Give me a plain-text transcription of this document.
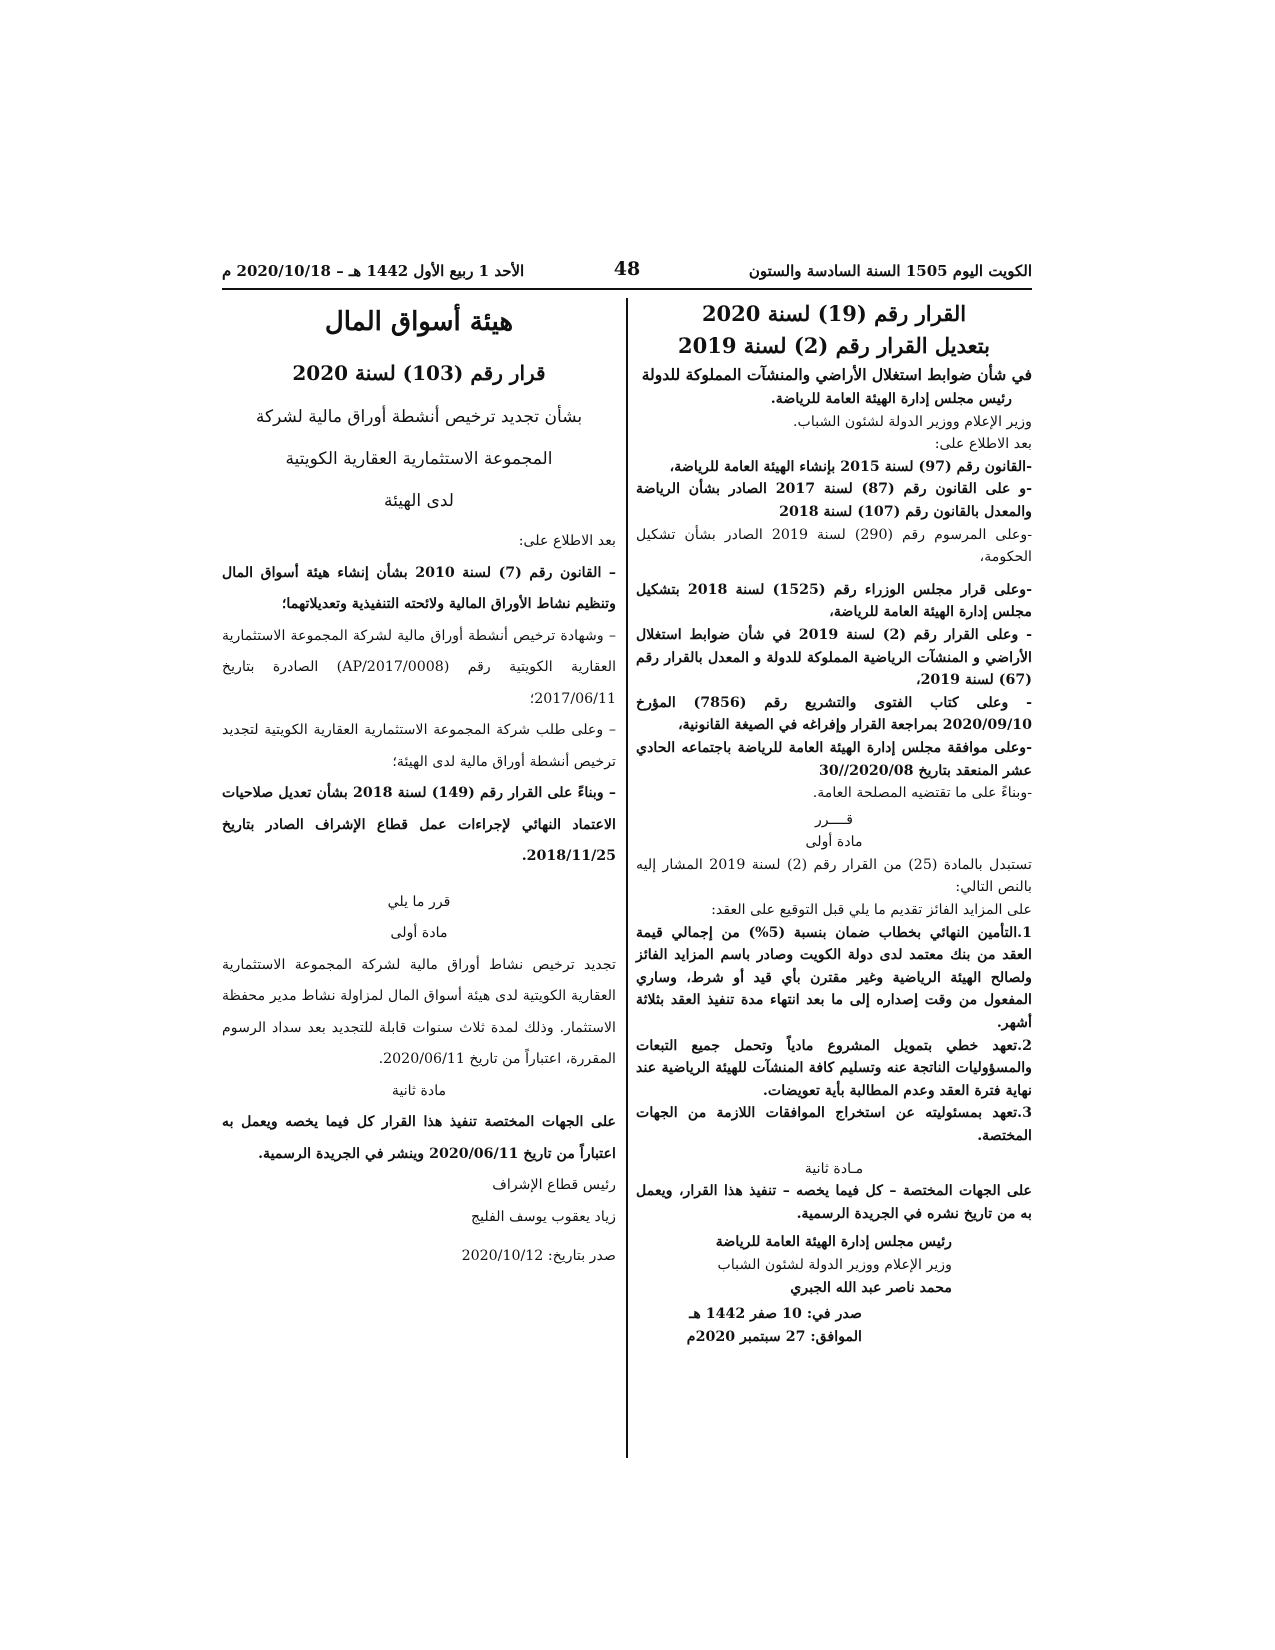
الأحد 1 ربيع الأول 1442 هـ – 2020/10/18 م	48	الكويت اليوم 1505 السنة السادسة والستون
القرار رقم (19) لسنة 2020
بتعديل القرار رقم (2) لسنة 2019
في شأن ضوابط استغلال الأراضي والمنشآت المملوكة للدولة

رئيس مجلس إدارة الهيئة العامة للرياضة.

وزير الإعلام ووزير الدولة لشئون الشباب.

بعد الاطلاع على:

-القانون رقم (97) لسنة 2015 بإنشاء الهيئة العامة للرياضة،

-و على القانون رقم (87) لسنة 2017 الصادر بشأن الرياضة والمعدل بالقانون رقم (107) لسنة 2018

-وعلى المرسوم رقم (290) لسنة 2019 الصادر بشأن تشكيل الحكومة،

-وعلى قرار مجلس الوزراء رقم (1525) لسنة 2018 بتشكيل مجلس إدارة الهيئة العامة للرياضة،

- وعلى القرار رقم (2) لسنة 2019 في شأن ضوابط استغلال الأراضي و المنشآت الرياضية المملوكة للدولة و المعدل بالقرار رقم (67) لسنة 2019،

- وعلى كتاب الفتوى والتشريع رقم (7856) المؤرخ 2020/09/10 بمراجعة القرار وإفراغه في الصيغة القانونية،

-وعلى موافقة مجلس إدارة الهيئة العامة للرياضة باجتماعه الحادي عشر المنعقد بتاريخ 2020/08//30

-وبناءً على ما تقتضيه المصلحة العامة.

قــــرر

مادة أولى

تستبدل بالمادة (25) من القرار رقم (2) لسنة 2019 المشار إليه بالنص التالي:

على المزايد الفائز تقديم ما يلي قبل التوقيع على العقد:

1.التأمين النهائي بخطاب ضمان بنسبة (5%) من إجمالي قيمة العقد من بنك معتمد لدى دولة الكويت وصادر باسم المزايد الفائز ولصالح الهيئة الرياضية وغير مقترن بأي قيد أو شرط، وساري المفعول من وقت إصداره إلى ما بعد انتهاء مدة تنفيذ العقد بثلاثة أشهر.

2.تعهد خطي بتمويل المشروع مادياً وتحمل جميع التبعات والمسؤوليات الناتجة عنه وتسليم كافة المنشآت للهيئة الرياضية عند نهاية فترة العقد وعدم المطالبة بأية تعويضات.

3.تعهد بمسئوليته عن استخراج الموافقات اللازمة من الجهات المختصة.

مـادة ثانية

على الجهات المختصة – كل فيما يخصه – تنفيذ هذا القرار، ويعمل به من تاريخ نشره في الجريدة الرسمية.

رئيس مجلس إدارة الهيئة العامة للرياضة

وزير الإعلام ووزير الدولة لشئون الشباب

محمد ناصر عبد الله الجبري

صدر في: 10 صفر 1442 هـ

الموافق: 27 سبتمبر 2020م

هيئة أسواق المال
قرار رقم (103) لسنة 2020
بشأن تجديد ترخيص أنشطة أوراق مالية لشركة
المجموعة الاستثمارية العقارية الكويتية
لدى الهيئة

بعد الاطلاع على:

– القانون رقم (7) لسنة 2010 بشأن إنشاء هيئة أسواق المال وتنظيم نشاط الأوراق المالية ولائحته التنفيذية وتعديلاتهما؛

– وشهادة ترخيص أنشطة أوراق مالية لشركة المجموعة الاستثمارية العقارية الكويتية رقم (AP/2017/0008) الصادرة بتاريخ 2017/06/11؛

– وعلى طلب شركة المجموعة الاستثمارية العقارية الكويتية لتجديد ترخيص أنشطة أوراق مالية لدى الهيئة؛

– وبناءً على القرار رقم (149) لسنة 2018 بشأن تعديل صلاحيات الاعتماد النهائي لإجراءات عمل قطاع الإشراف الصادر بتاريخ 2018/11/25.

قرر ما يلي

مادة أولى

تجديد ترخيص نشاط أوراق مالية لشركة المجموعة الاستثمارية العقارية الكويتية لدى هيئة أسواق المال لمزاولة نشاط مدير محفظة الاستثمار. وذلك لمدة ثلاث سنوات قابلة للتجديد بعد سداد الرسوم المقررة، اعتباراً من تاريخ 2020/06/11.

مادة ثانية

على الجهات المختصة تنفيذ هذا القرار كل فيما يخصه ويعمل به اعتباراً من تاريخ 2020/06/11 وينشر في الجريدة الرسمية.

رئيس قطاع الإشراف

زياد يعقوب يوسف الفليج

صدر بتاريخ: 2020/10/12
